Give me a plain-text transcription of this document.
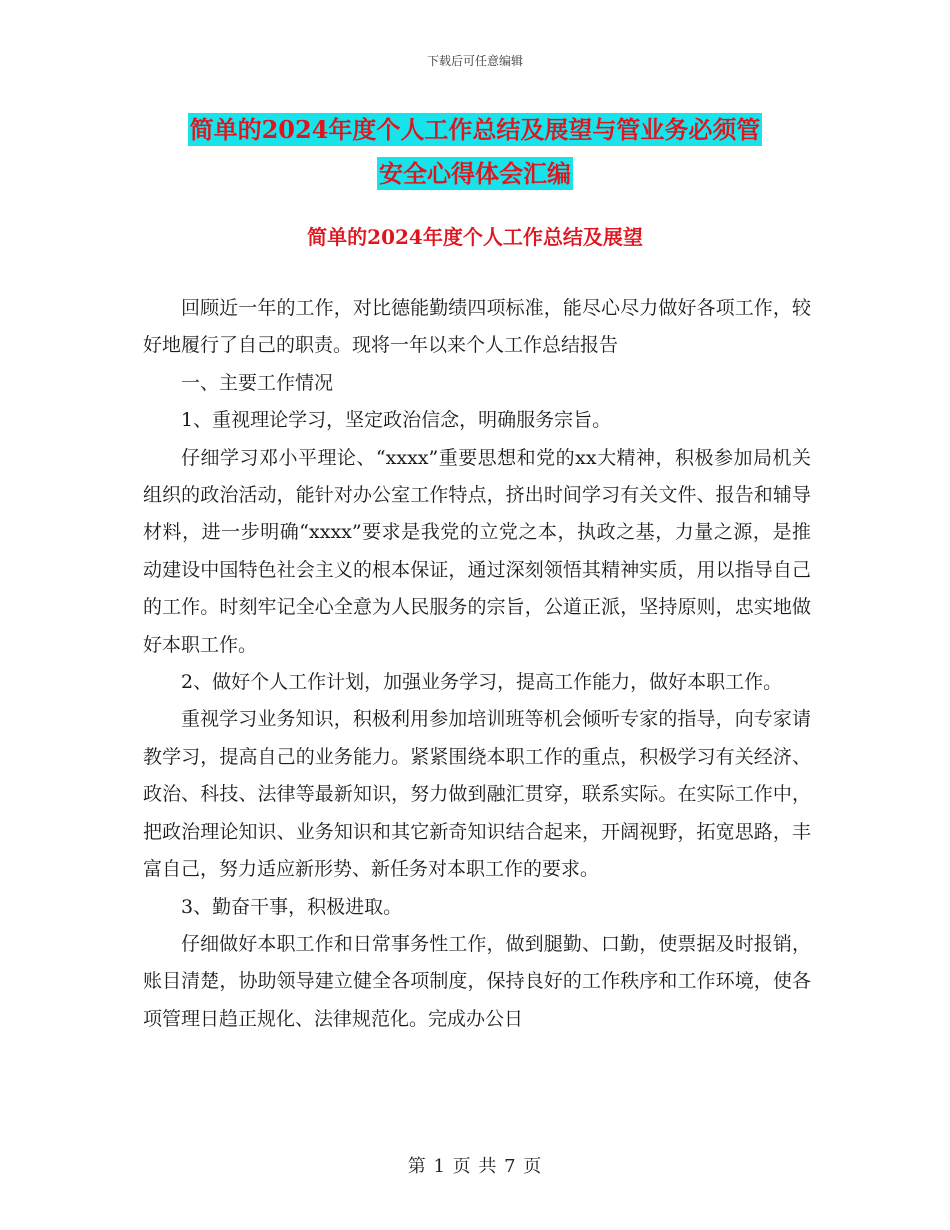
下载后可任意编辑
简单的2024年度个人工作总结及展望与管业务必须管
安全心得体会汇编
简单的2024年度个人工作总结及展望

回顾近一年的工作，对比德能勤绩四项标准，能尽心尽力做好各项工作，较好地履行了自己的职责。现将一年以来个人工作总结报告

一、主要工作情况

1、重视理论学习，坚定政治信念，明确服务宗旨。

仔细学习邓小平理论、“xxxx”重要思想和党的xx大精神，积极参加局机关组织的政治活动，能针对办公室工作特点，挤出时间学习有关文件、报告和辅导材料，进一步明确“xxxx”要求是我党的立党之本，执政之基，力量之源，是推动建设中国特色社会主义的根本保证，通过深刻领悟其精神实质，用以指导自己的工作。时刻牢记全心全意为人民服务的宗旨，公道正派，坚持原则，忠实地做好本职工作。

2、做好个人工作计划，加强业务学习，提高工作能力，做好本职工作。

重视学习业务知识，积极利用参加培训班等机会倾听专家的指导，向专家请教学习，提高自己的业务能力。紧紧围绕本职工作的重点，积极学习有关经济、政治、科技、法律等最新知识，努力做到融汇贯穿，联系实际。在实际工作中，把政治理论知识、业务知识和其它新奇知识结合起来，开阔视野，拓宽思路，丰富自己，努力适应新形势、新任务对本职工作的要求。

3、勤奋干事，积极进取。

仔细做好本职工作和日常事务性工作，做到腿勤、口勤，使票据及时报销，账目清楚，协助领导建立健全各项制度，保持良好的工作秩序和工作环境，使各项管理日趋正规化、法律规范化。完成办公日

第 1 页 共 7 页
